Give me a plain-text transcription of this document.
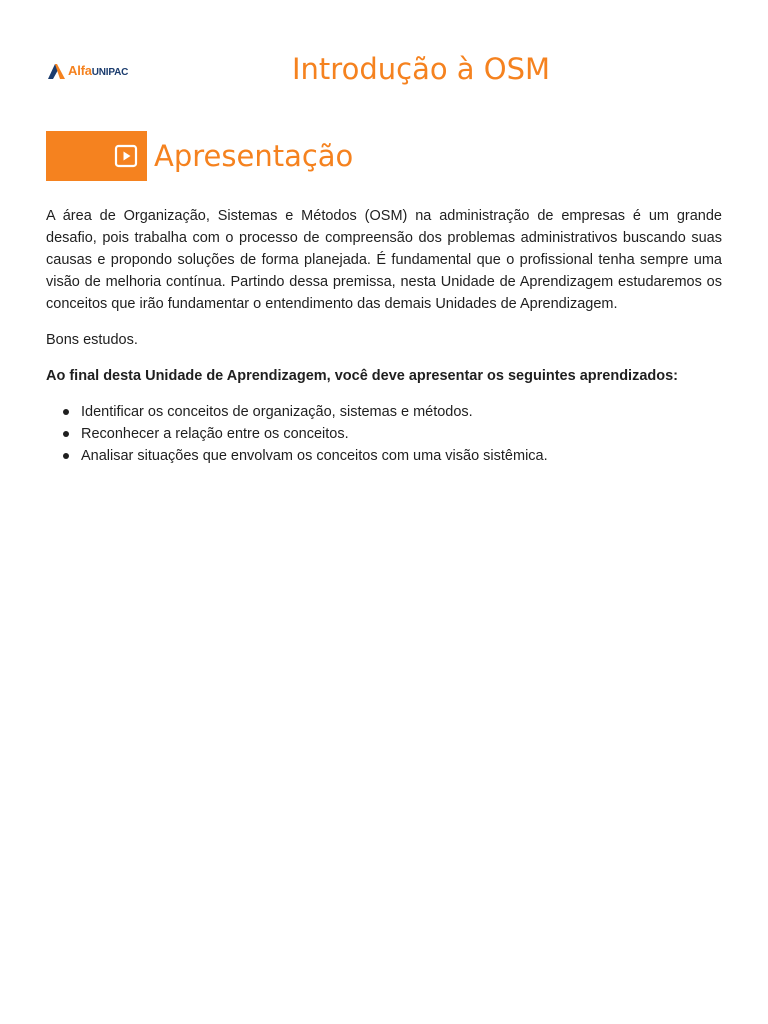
Alfa UNIPAC	Introdução à OSM
Apresentação

A área de Organização, Sistemas e Métodos (OSM) na administração de empresas é um grande desafio, pois trabalha com o processo de compreensão dos problemas administrativos buscando suas causas e propondo soluções de forma planejada. É fundamental que o profissional tenha sempre uma visão de melhoria contínua. Partindo dessa premissa, nesta Unidade de Aprendizagem estudaremos os conceitos que irão fundamentar o entendimento das demais Unidades de Aprendizagem.

Bons estudos.

Ao final desta Unidade de Aprendizagem, você deve apresentar os seguintes aprendizados:

Identificar os conceitos de organização, sistemas e métodos.
Reconhecer a relação entre os conceitos.
Analisar situações que envolvam os conceitos com uma visão sistêmica.
